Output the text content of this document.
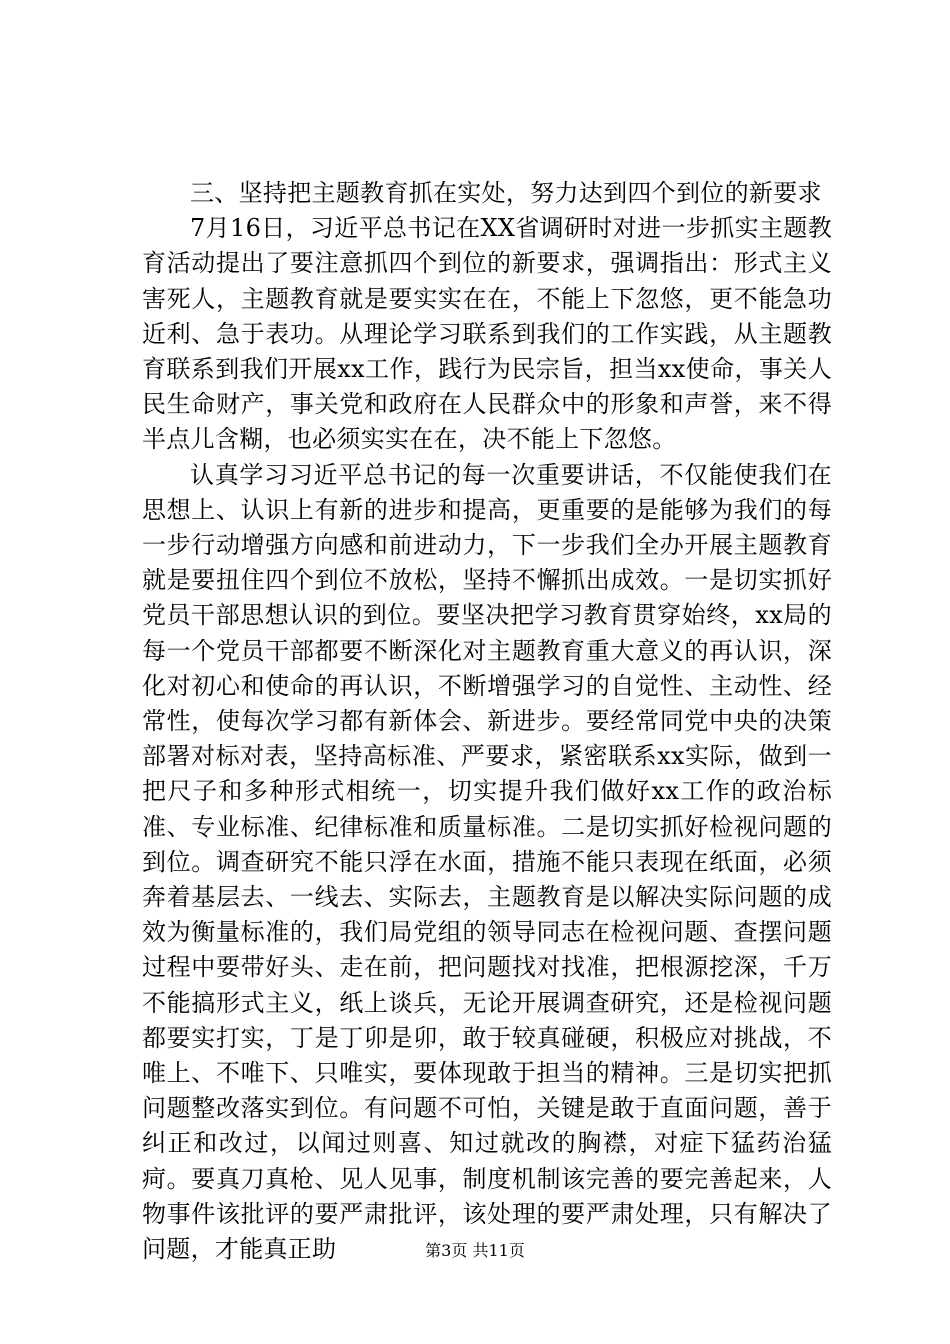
三、坚持把主题教育抓在实处，努力达到四个到位的新要求

7月16日，习近平总书记在XX省调研时对进一步抓实主题教育活动提出了要注意抓四个到位的新要求，强调指出：形式主义害死人，主题教育就是要实实在在，不能上下忽悠，更不能急功近利、急于表功。从理论学习联系到我们的工作实践，从主题教育联系到我们开展xx工作，践行为民宗旨，担当xx使命，事关人民生命财产，事关党和政府在人民群众中的形象和声誉，来不得半点儿含糊，也必须实实在在，决不能上下忽悠。

认真学习习近平总书记的每一次重要讲话，不仅能使我们在思想上、认识上有新的进步和提高，更重要的是能够为我们的每一步行动增强方向感和前进动力，下一步我们全办开展主题教育就是要扭住四个到位不放松，坚持不懈抓出成效。一是切实抓好党员干部思想认识的到位。要坚决把学习教育贯穿始终，xx局的每一个党员干部都要不断深化对主题教育重大意义的再认识，深化对初心和使命的再认识，不断增强学习的自觉性、主动性、经常性，使每次学习都有新体会、新进步。要经常同党中央的决策部署对标对表，坚持高标准、严要求，紧密联系xx实际，做到一把尺子和多种形式相统一，切实提升我们做好xx工作的政治标准、专业标准、纪律标准和质量标准。二是切实抓好检视问题的到位。调查研究不能只浮在水面，措施不能只表现在纸面，必须奔着基层去、一线去、实际去，主题教育是以解决实际问题的成效为衡量标准的，我们局党组的领导同志在检视问题、查摆问题过程中要带好头、走在前，把问题找对找准，把根源挖深，千万不能搞形式主义，纸上谈兵，无论开展调查研究，还是检视问题都要实打实，丁是丁卯是卯，敢于较真碰硬，积极应对挑战，不唯上、不唯下、只唯实，要体现敢于担当的精神。三是切实把抓问题整改落实到位。有问题不可怕，关键是敢于直面问题，善于纠正和改过，以闻过则喜、知过就改的胸襟，对症下猛药治猛疴。要真刀真枪、见人见事，制度机制该完善的要完善起来，人物事件该批评的要严肃批评，该处理的要严肃处理，只有解决了问题，才能真正助	第3页 共11页
